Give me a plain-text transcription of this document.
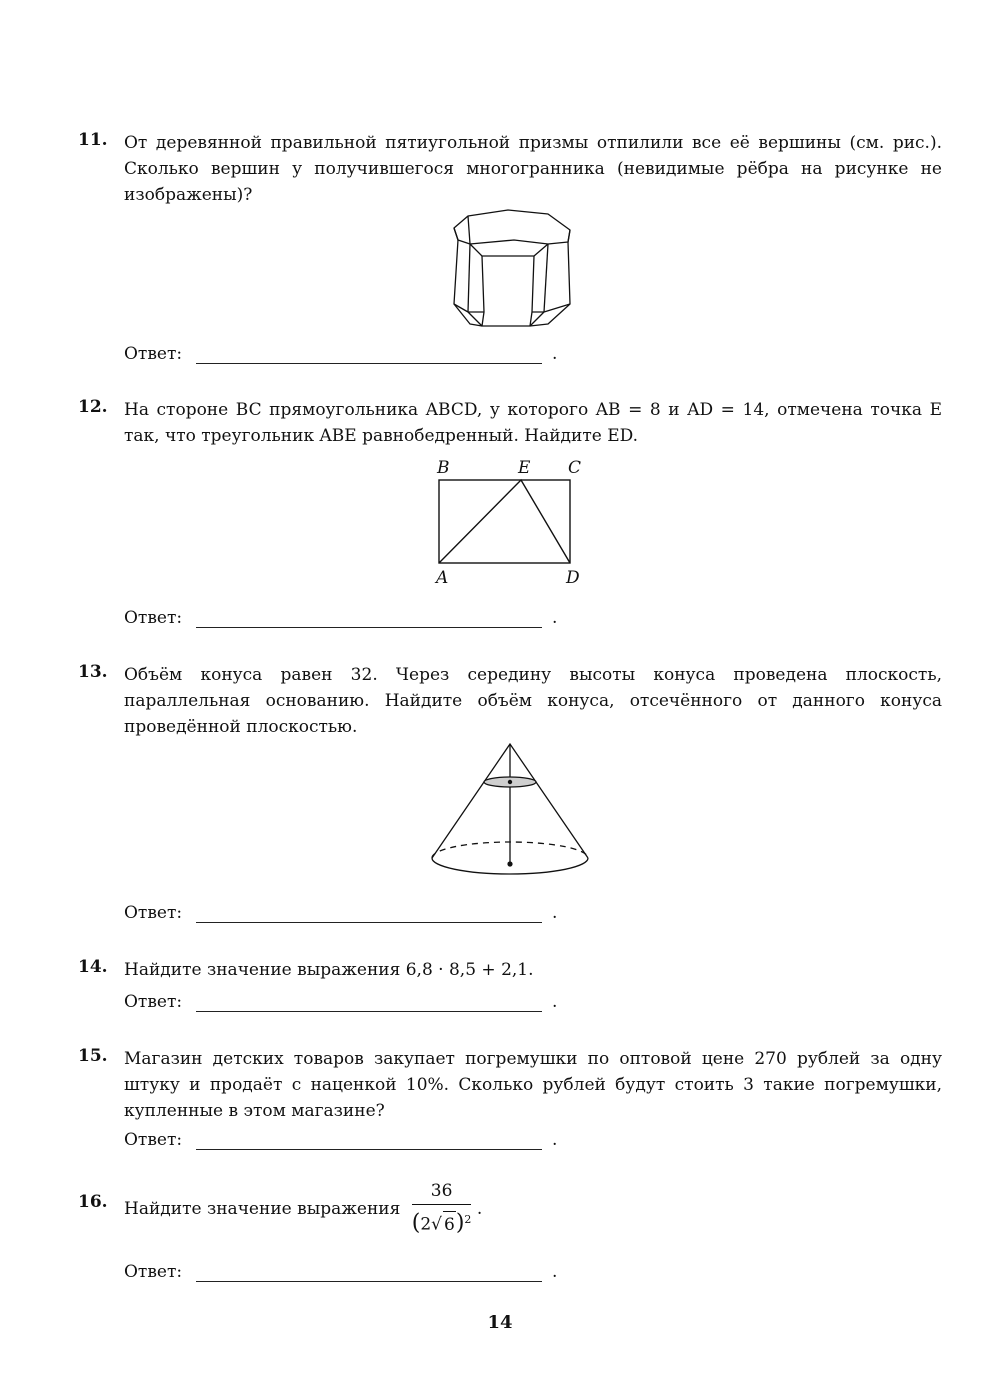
11. От деревянной правильной пятиугольной призмы отпилили все её вершины (см. рис.). Сколько вершин у получившегося многогранника (невидимые рёбра на рисунке не изображены)?
Ответ:	.
12. На стороне BC прямоугольника ABCD, у которого AB = 8 и AD = 14, отмечена точка E так, что треугольник ABE равнобедренный. Найдите ED.
B	E C
A	D
Ответ:	.
13. Объём конуса равен 32. Через середину высоты конуса проведена плоскость, параллельная основанию. Найдите объём конуса, отсечённого от данного конуса проведённой плоскостью.
Ответ:	.
14. Найдите значение выражения 6,8 · 8,5 + 2,1.
Ответ:	.
15. Магазин детских товаров закупает погремушки по оптовой цене 270 рублей за одну штуку и продаёт с наценкой 10%. Сколько рублей будут стоить 3 такие погремушки, купленные в этом магазине?
Ответ:	.
16. Найдите значение выражения $\frac{36}{(2√ 6)^2}$ .
Ответ:	.
14
